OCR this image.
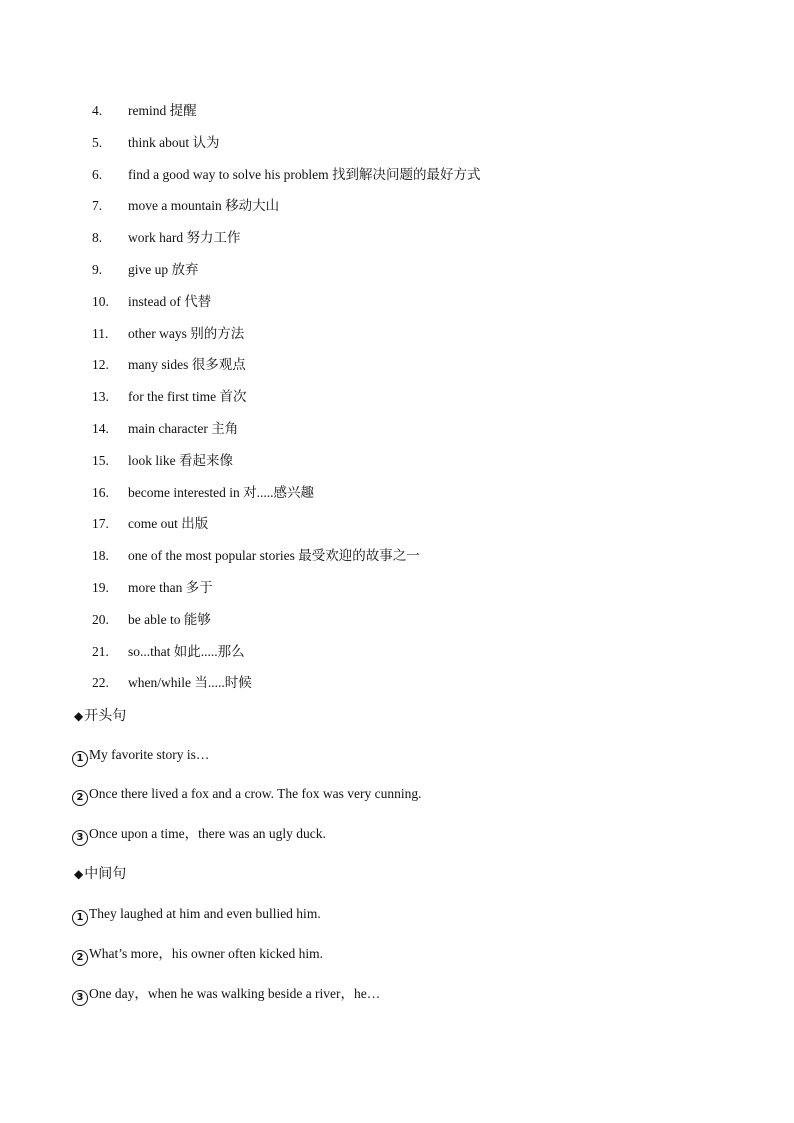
4.	remind 提醒
5.	think about 认为
6.	find a good way to solve his problem 找到解决问题的最好方式
7.	move a mountain 移动大山
8.	work hard 努力工作
9.	give up 放弃
10.	instead of 代替
11.	other ways 别的方法
12.	many sides 很多观点
13.	for the first time 首次
14.	main character 主角
15.	look like 看起来像
16.	become interested in 对.....感兴趣
17.	come out 出版
18.	one of the most popular stories 最受欢迎的故事之一
19.	more than 多于
20.	be able to 能够
21.	so...that 如此.....那么
22.	when/while 当.....时候
◆开头句
1 My favorite story is…
2 Once there lived a fox and a crow. The fox was very cunning.
3 Once upon a time，there was an ugly duck.
◆中间句
1 They laughed at him and even bullied him.
2 What’s more，his owner often kicked him.
3 One day，when he was walking beside a river，he…
